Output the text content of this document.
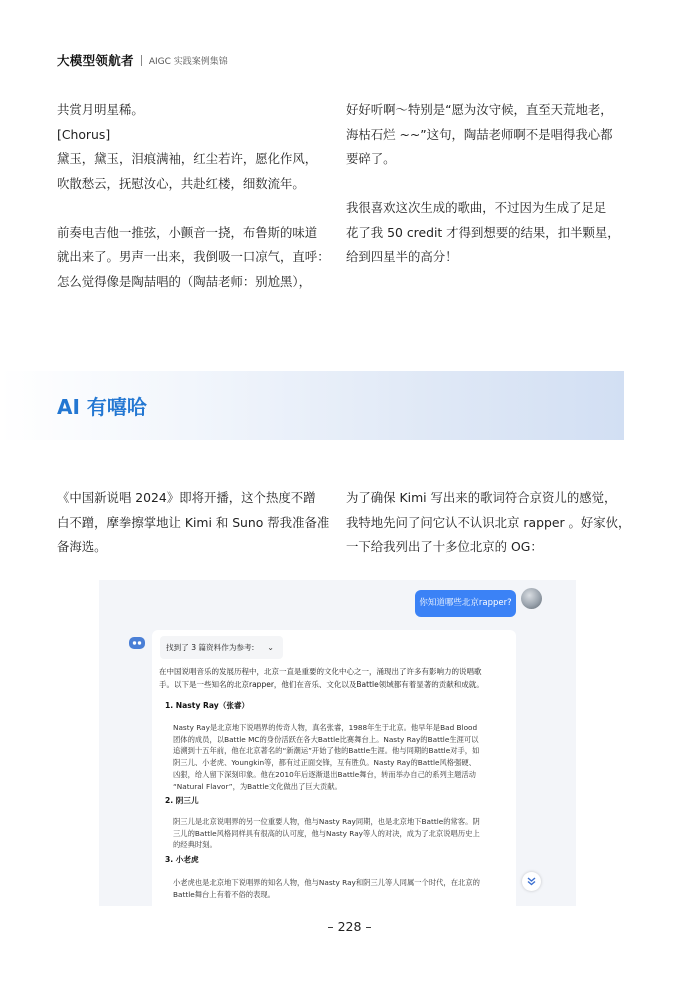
大模型领航者 AIGC 实践案例集锦
共赏月明星稀。
[Chorus]
黛玉，黛玉，泪痕满袖，红尘若许，愿化作风，
吹散愁云，抚慰汝心，共赴红楼，细数流年。

前奏电吉他一推弦，小颤音一挠，布鲁斯的味道
就出来了。男声一出来，我倒吸一口凉气，直呼：
怎么觉得像是陶喆唱的（陶喆老师：别尬黑），
好好听啊～特别是“愿为汝守候，直至天荒地老，
海枯石烂 ~~”这句，陶喆老师啊不是唱得我心都
要碎了。

我很喜欢这次生成的歌曲，不过因为生成了足足
花了我 50 credit 才得到想要的结果，扣半颗星，
给到四星半的高分！
AI 有嘻哈
《中国新说唱 2024》即将开播，这个热度不蹭
白不蹭，摩拳擦掌地让 Kimi 和 Suno 帮我准备准
备海选。
为了确保 Kimi 写出来的歌词符合京资儿的感觉，
我特地先问了问它认不认识北京 rapper 。好家伙，
一下给我列出了十多位北京的 OG：
你知道哪些北京rapper?
找到了 3 篇资料作为参考: ⌄
在中国说唱音乐的发展历程中，北京一直是重要的文化中心之一，涌现出了许多有影响力的说唱歌
手。以下是一些知名的北京rapper，他们在音乐、文化以及Battle领域都有着显著的贡献和成就。
1. Nasty Ray（张睿）
Nasty Ray是北京地下说唱界的传奇人物，真名张睿，1988年生于北京。他早年是Bad Blood
团体的成员，以Battle MC的身份活跃在各大Battle比赛舞台上。Nasty Ray的Battle生涯可以
追溯到十五年前，他在北京著名的“新潮运”开始了他的Battle生涯。他与同期的Battle对手，如
阴三儿、小老虎、Youngkin等，都有过正面交锋，互有胜负。Nasty Ray的Battle风格强硬、
凶狠，给人留下深刻印象。他在2010年后逐渐退出Battle舞台，转而举办自己的系列主题活动
“Natural Flavor”，为Battle文化做出了巨大贡献。
2. 阴三儿
阴三儿是北京说唱界的另一位重要人物，他与Nasty Ray同期，也是北京地下Battle的常客。阴
三儿的Battle风格同样具有很高的认可度，他与Nasty Ray等人的对决，成为了北京说唱历史上
的经典时刻。
3. 小老虎
小老虎也是北京地下说唱界的知名人物，他与Nasty Ray和阴三儿等人同属一个时代，在北京的
Battle舞台上有着不俗的表现。
– 228 –
